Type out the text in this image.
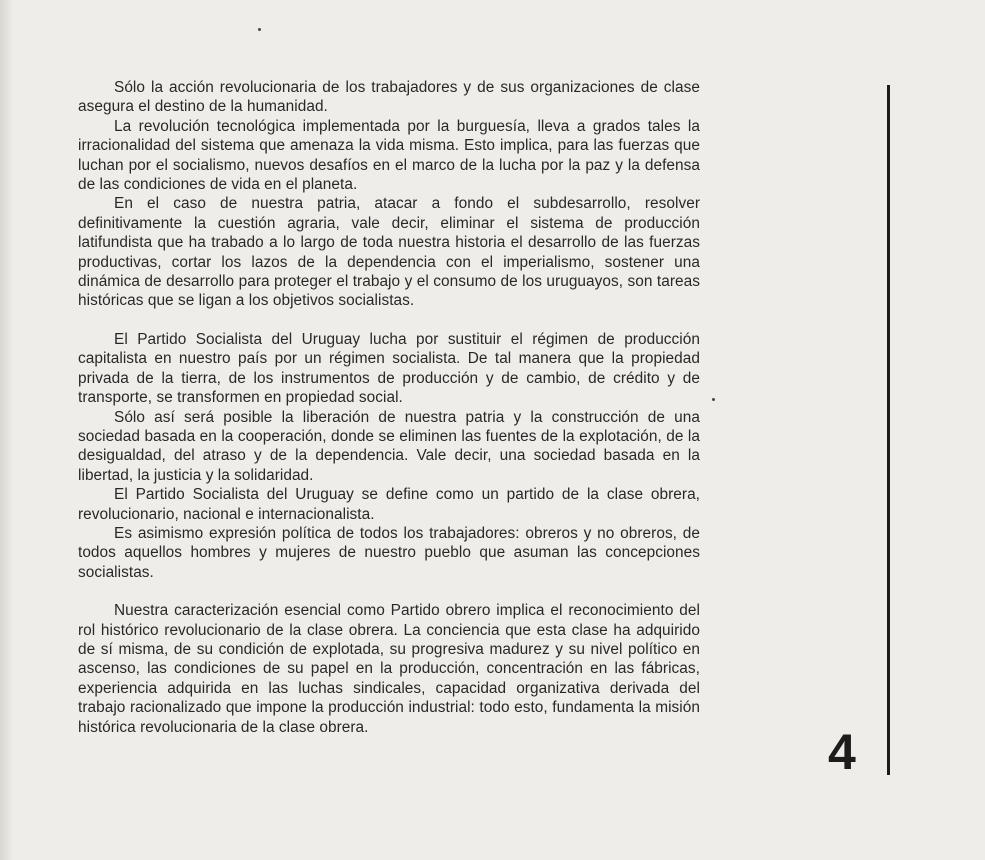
Sólo la acción revolucionaria de los trabajadores y de sus organizaciones de clase asegura el destino de la humanidad.

La revolución tecnológica implementada por la burguesía, lleva a grados tales la irracionalidad del sistema que amenaza la vida misma. Esto implica, para las fuerzas que luchan por el socialismo, nuevos desafíos en el marco de la lucha por la paz y la defensa de las condiciones de vida en el planeta.

En el caso de nuestra patria, atacar a fondo el subdesarrollo, resolver definitivamente la cuestión agraria, vale decir, eliminar el sistema de producción latifundista que ha trabado a lo largo de toda nuestra historia el desarrollo de las fuerzas productivas, cortar los lazos de la dependencia con el imperialismo, sostener una dinámica de desarrollo para proteger el trabajo y el consumo de los uruguayos, son tareas históricas que se ligan a los objetivos socialistas.

El Partido Socialista del Uruguay lucha por sustituir el régimen de producción capitalista en nuestro país por un régimen socialista. De tal manera que la propiedad privada de la tierra, de los instrumentos de producción y de cambio, de crédito y de transporte, se transformen en propiedad social.

Sólo así será posible la liberación de nuestra patria y la construcción de una sociedad basada en la cooperación, donde se eliminen las fuentes de la explotación, de la desigualdad, del atraso y de la dependencia. Vale decir, una sociedad basada en la libertad, la justicia y la solidaridad.

El Partido Socialista del Uruguay se define como un partido de la clase obrera, revolucionario, nacional e internacionalista.

Es asimismo expresión política de todos los trabajadores: obreros y no obreros, de todos aquellos hombres y mujeres de nuestro pueblo que asuman las concepciones socialistas.

Nuestra caracterización esencial como Partido obrero implica el reconocimiento del rol histórico revolucionario de la clase obrera. La conciencia que esta clase ha adquirido de sí misma, de su condición de explotada, su progresiva madurez y su nivel político en ascenso, las condiciones de su papel en la producción, concentración en las fábricas, experiencia adquirida en las luchas sindicales, capacidad organizativa derivada del trabajo racionalizado que impone la producción industrial: todo esto, fundamenta la misión histórica revolucionaria de la clase obrera.	4
